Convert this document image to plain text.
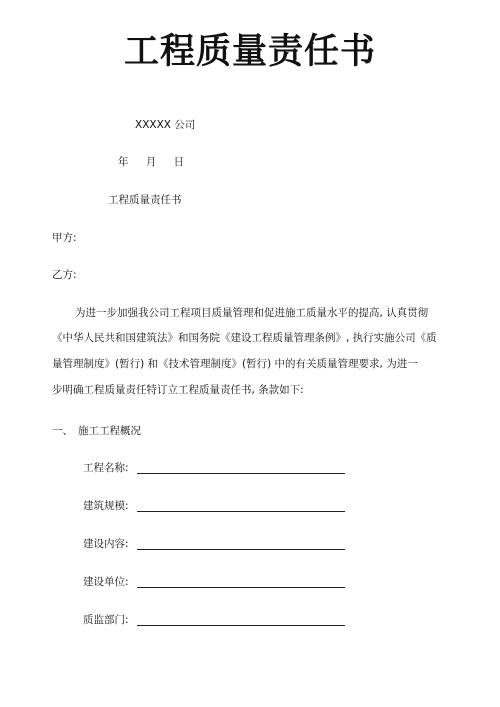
工程质量责任书
XXXXX 公司
年 月 日
工程质量责任书
甲方:
乙方:
为进一步加强我公司工程项目质量管理和促进施工质量水平的提高, 认真贯彻
《中华人民共和国建筑法》和国务院《建设工程质量管理条例》, 执行实施公司《质
量管理制度》(暂行) 和《技术管理制度》(暂行) 中的有关质量管理要求, 为进一
步明确工程质量责任特订立工程质量责任书, 条款如下:
一、 施工工程概况
工程名称:
建筑规模:
建设内容:
建设单位:
质监部门:
